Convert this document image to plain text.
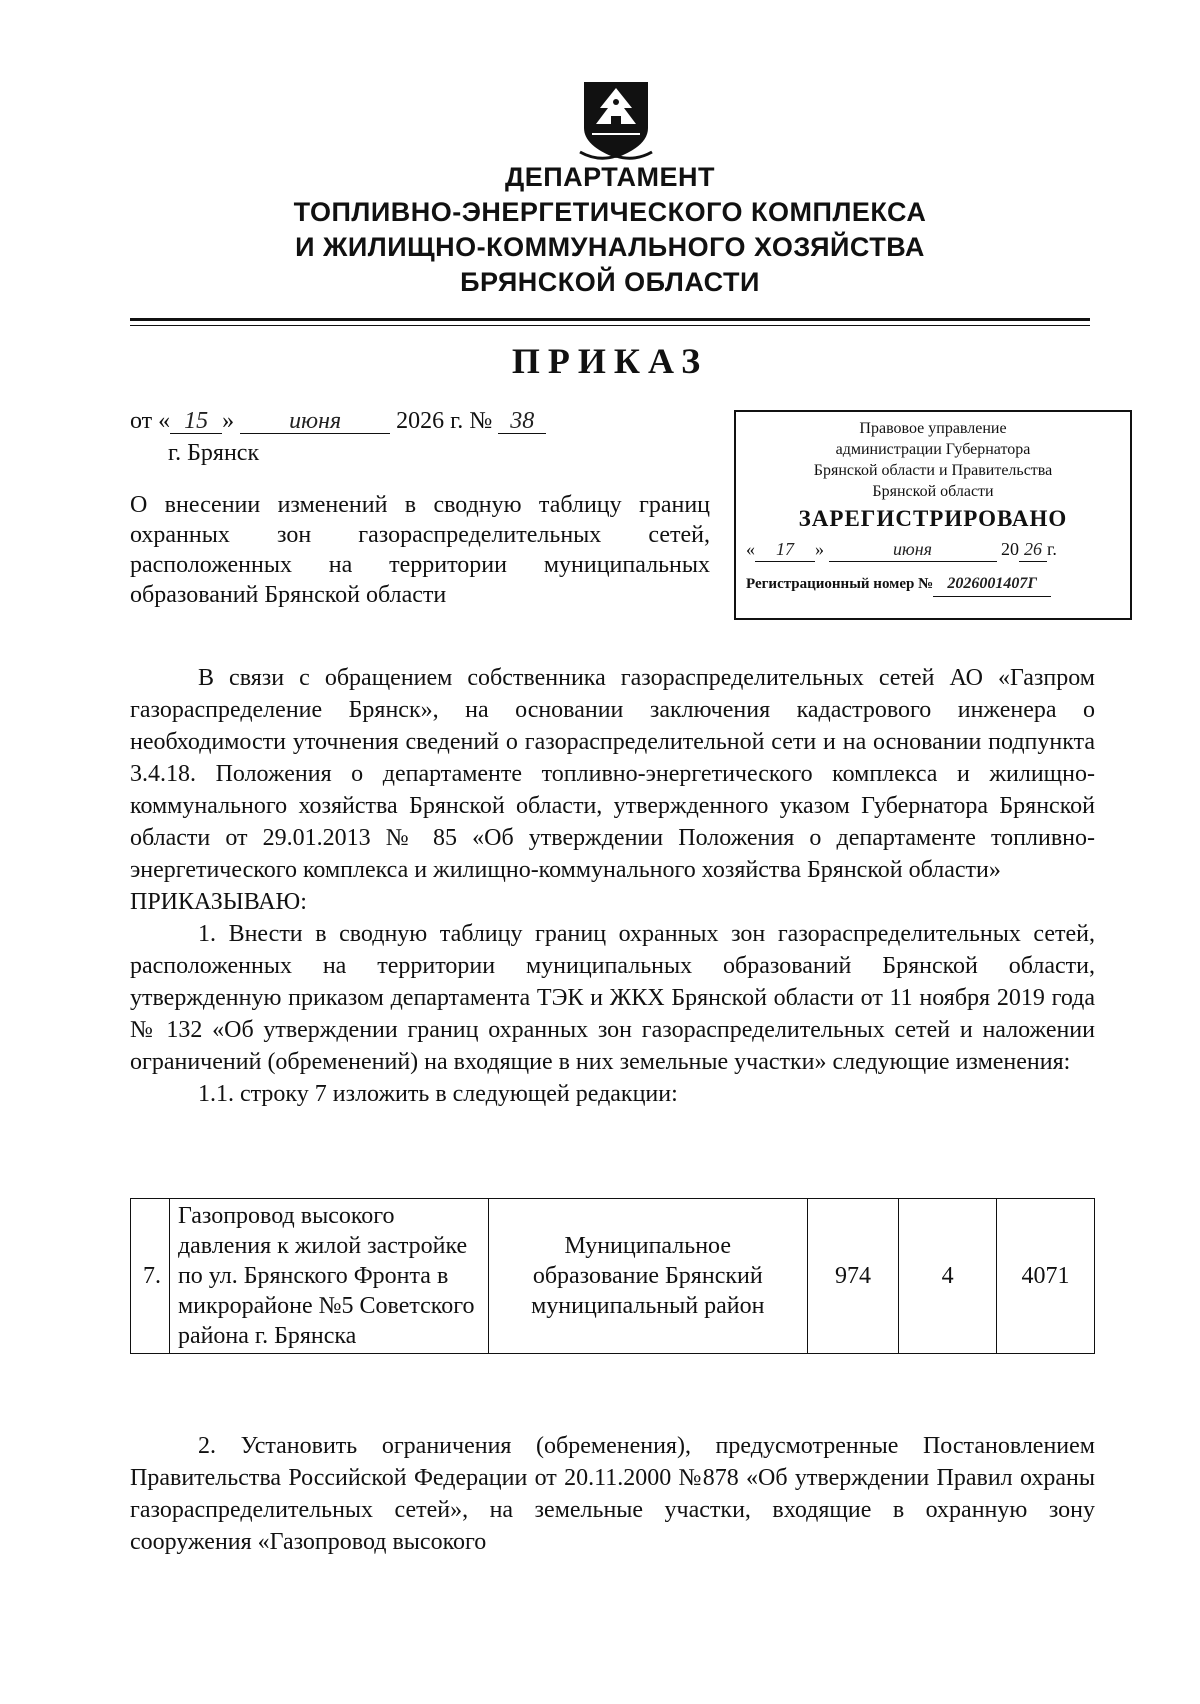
ДЕПАРТАМЕНТ
ТОПЛИВНО-ЭНЕРГЕТИЧЕСКОГО КОМПЛЕКСА
И ЖИЛИЩНО-КОММУНАЛЬНОГО ХОЗЯЙСТВА
БРЯНСКОЙ ОБЛАСТИ
ПРИКАЗ
от « 15 » июня 2026 г. № 38
г. Брянск
О внесении изменений в сводную таблицу границ охранных зон газораспределительных сетей, расположенных на территории муниципальных образований Брянской области
Правовое управление
администрации Губернатора
Брянской области и Правительства
Брянской области
ЗАРЕГИСТРИРОВАНО
« 17 »	июня	20 26 г.
Регистрационный номер № 2026001407Г

В связи с обращением собственника газораспределительных сетей АО «Газпром газораспределение Брянск», на основании заключения кадастрового инженера о необходимости уточнения сведений о газораспределительной сети и на основании подпункта 3.4.18. Положения о департаменте топливно-энергетического комплекса и жилищно-коммунального хозяйства Брянской области, утвержденного указом Губернатора Брянской области от 29.01.2013 № 85 «Об утверждении Положения о департаменте топливно-энергетического комплекса и жилищно-коммунального хозяйства Брянской области»

ПРИКАЗЫВАЮ:

1. Внести в сводную таблицу границ охранных зон газораспределительных сетей, расположенных на территории муниципальных образований Брянской области, утвержденную приказом департамента ТЭК и ЖКХ Брянской области от 11 ноября 2019 года № 132 «Об утверждении границ охранных зон газораспределительных сетей и наложении ограничений (обременений) на входящие в них земельные участки» следующие изменения:

1.1. строку 7 изложить в следующей редакции:

7.	Газопровод высокого давления к жилой застройке по ул. Брянского Фронта в микрорайоне №5 Советского района г. Брянска	Муниципальное образование Брянский муниципальный район	974	4	4071

2. Установить ограничения (обременения), предусмотренные Постановлением Правительства Российской Федерации от 20.11.2000 №878 «Об утверждении Правил охраны газораспределительных сетей», на земельные участки, входящие в охранную зону сооружения «Газопровод высокого
